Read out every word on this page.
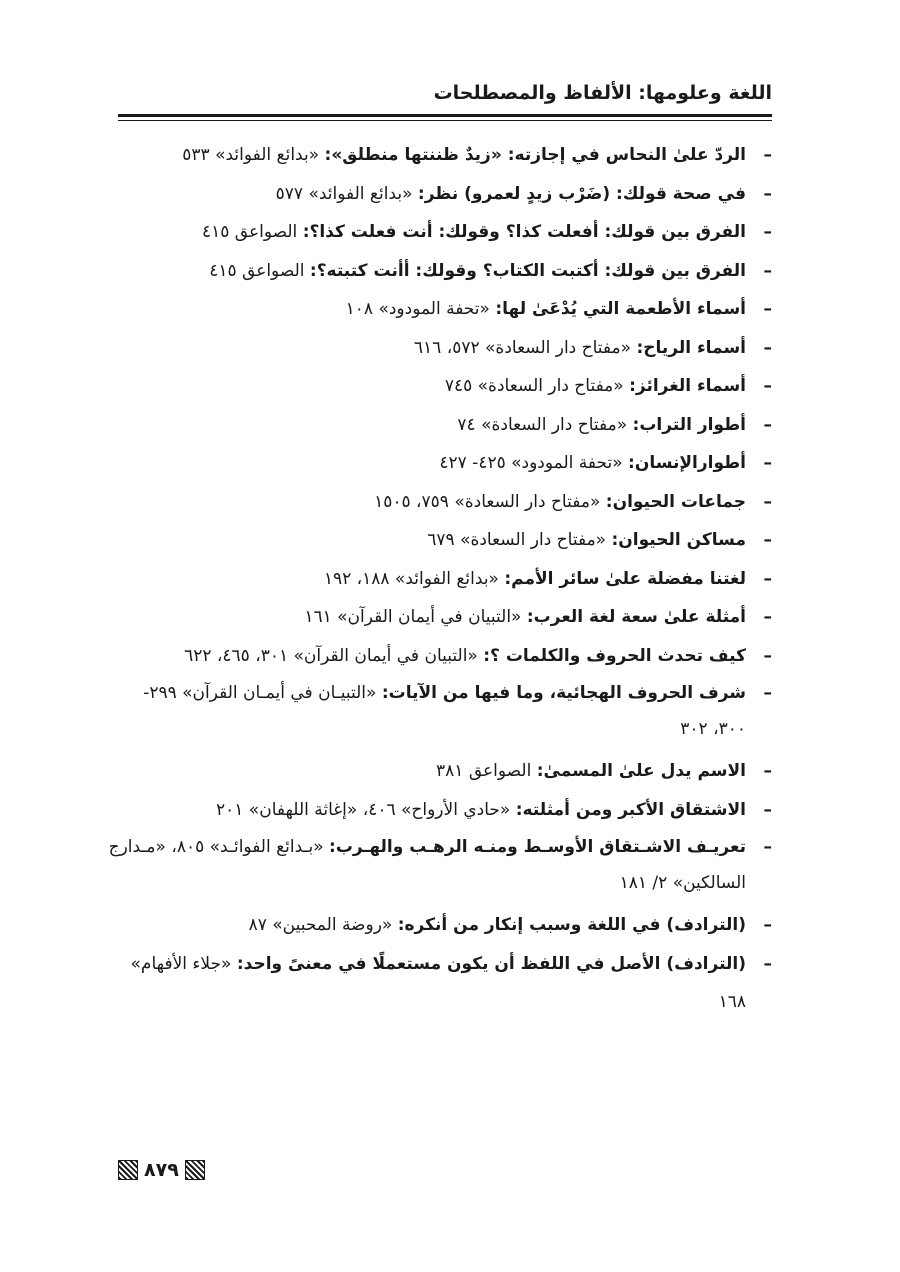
اللغة وعلومها: الألفاظ والمصطلحات
–
الردّ علىٰ النحاس في إجازته: «زيدٌ ظننتها منطلق»: «بدائع الفوائد» ٥٣٣
–
في صحة قولك: (ضَرْب زيدٍ لعمرو) نظر: «بدائع الفوائد» ٥٧٧
–
الفرق بين قولك: أفعلت كذا؟ وقولك: أنت فعلت كذا؟: الصواعق ٤١٥
–
الفرق بين قولك: أكتبت الكتاب؟ وقولك: أأنت كتبته؟: الصواعق ٤١٥
–
أسماء الأطعمة التي يُدْعَىٰ لها: «تحفة المودود» ١٠٨
–
أسماء الرياح: «مفتاح دار السعادة» ٥٧٢، ٦١٦
–
أسماء الغرائز: «مفتاح دار السعادة» ٧٤٥
–
أطوار التراب: «مفتاح دار السعادة» ٧٤
–
أطوارالإنسان: «تحفة المودود» ٤٢٥- ٤٢٧
–
جماعات الحيوان: «مفتاح دار السعادة» ٧٥٩، ١٥٠٥
–
مساكن الحيوان: «مفتاح دار السعادة» ٦٧٩
–
لغتنا مفضلة علىٰ سائر الأمم: «بدائع الفوائد» ١٨٨، ١٩٢
–
أمثلة علىٰ سعة لغة العرب: «التبيان في أيمان القرآن» ١٦١
–
كيف تحدث الحروف والكلمات ؟: «التبيان في أيمان القرآن» ٣٠١، ٤٦٥، ٦٢٢
–
شرف الحروف الهجائية، وما فيها من الآيات: «التبيـان في أيمـان القرآن» ٢٩٩- ٣٠٠، ٣٠٢
–
الاسم يدل علىٰ المسمىٰ: الصواعق ٣٨١
–
الاشتقاق الأكبر ومن أمثلته: «حادي الأرواح» ٤٠٦، «إغاثة اللهفان» ٢٠١
–
تعريـف الاشـتقاق الأوسـط ومنـه الرهـب والهـرب: «بـدائع الفوائـد» ٨٠٥، «مـدارج السالكين» ٢/ ١٨١
–
(الترادف) في اللغة وسبب إنكار من أنكره: «روضة المحبين» ٨٧
–
(الترادف) الأصل في اللفظ أن يكون مستعملًا في معنىً واحد: «جلاء الأفهام» ١٦٨
٨٧٩
